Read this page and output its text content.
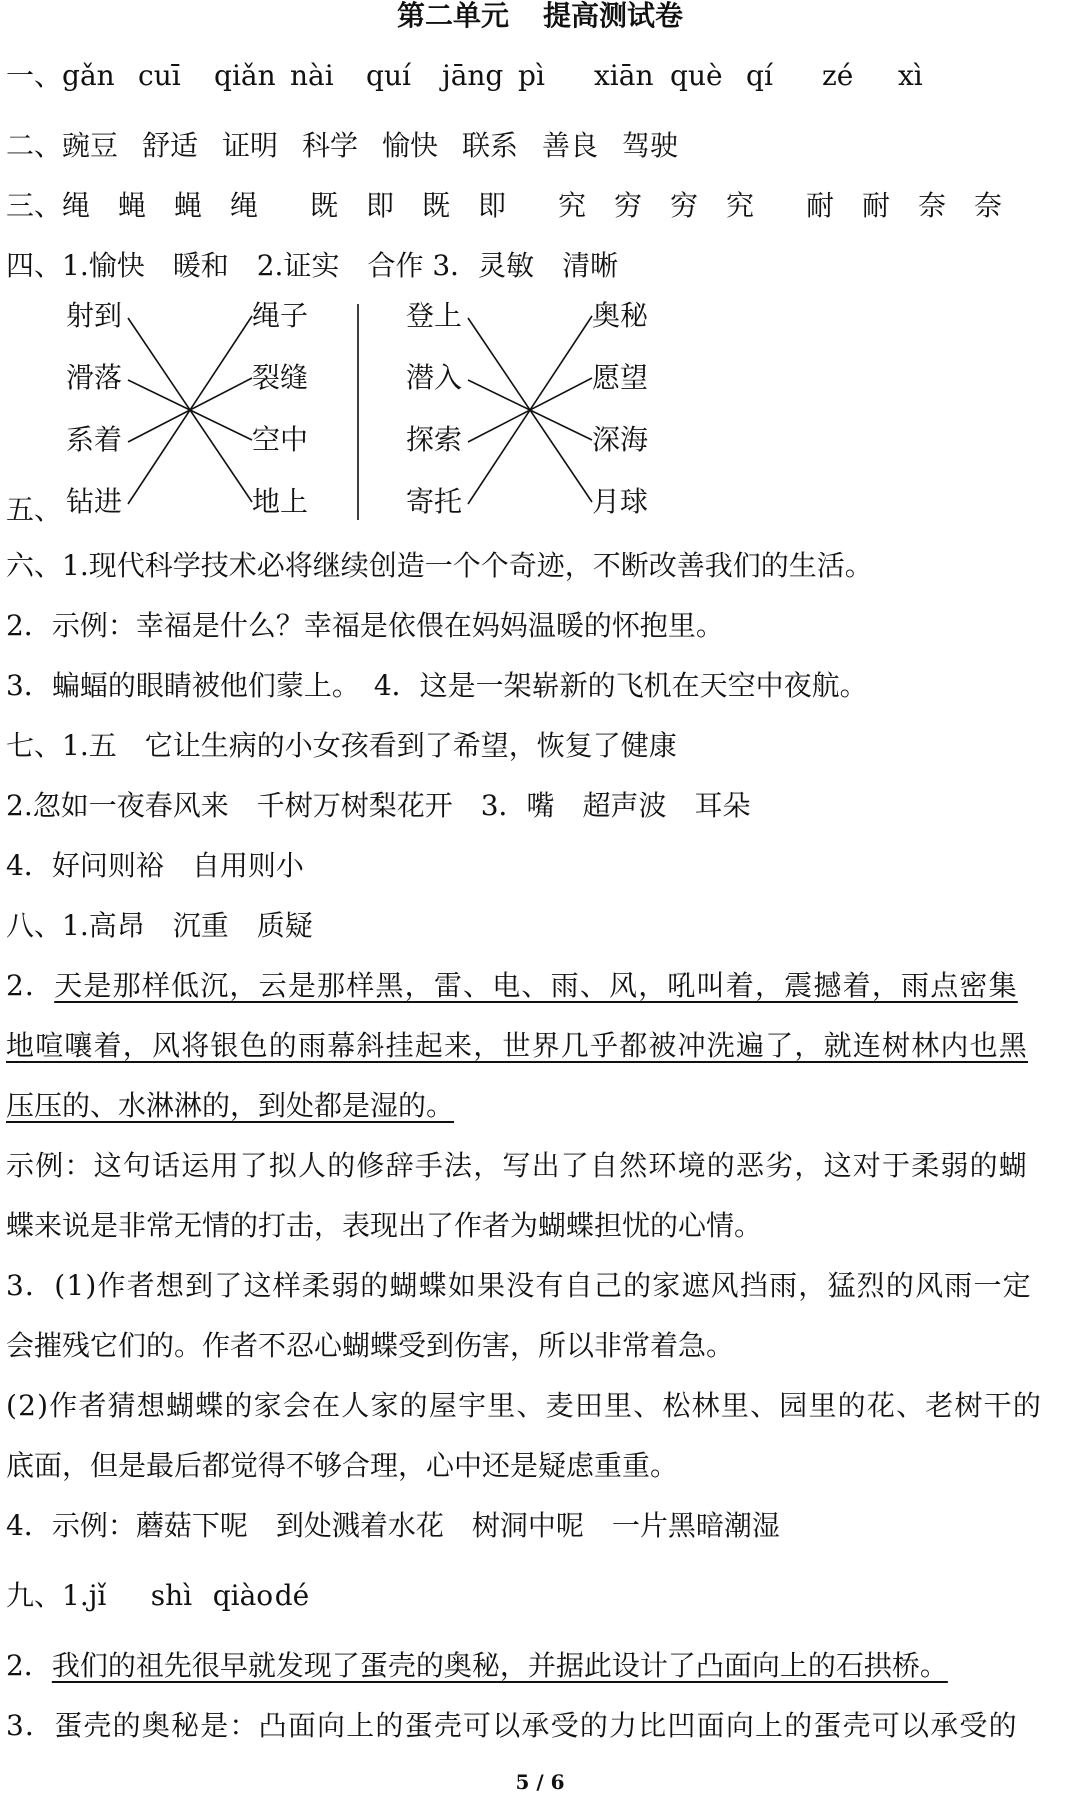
第二单元 提高测试卷
一、gǎn cuī qiǎn nài quí jāng pì xiān què qí zé xì
二、豌豆 舒适 证明 科学 愉快 联系 善良 驾驶
三、绳 蝇 蝇 绳 既 即 既 即 究 穷 穷 究 耐 耐 奈 奈
四、1.愉快　暖和　2.证实　合作 3．灵敏　清晰
五、
射到
滑落
系着
钻进
绳子
裂缝
空中
地上
登上
潜入
探索
寄托
奥秘
愿望
深海
月球
六、1.现代科学技术必将继续创造一个个奇迹，不断改善我们的生活。
2．示例：幸福是什么？幸福是依偎在妈妈温暖的怀抱里。
3．蝙蝠的眼睛被他们蒙上。　4．这是一架崭新的飞机在天空中夜航。
七、1.五　它让生病的小女孩看到了希望，恢复了健康
2.忽如一夜春风来　千树万树梨花开　3．嘴　超声波　耳朵
4．好问则裕　自用则小
八、1.高昂　沉重　质疑
2．天是那样低沉，云是那样黑，雷、电、雨、风，吼叫着，震撼着，雨点密集
地喧嚷着，风将银色的雨幕斜挂起来，世界几乎都被冲洗遍了，就连树林内也黑
压压的、水淋淋的，到处都是湿的。
示例：这句话运用了拟人的修辞手法，写出了自然环境的恶劣，这对于柔弱的蝴
蝶来说是非常无情的打击，表现出了作者为蝴蝶担忧的心情。
3．(1)作者想到了这样柔弱的蝴蝶如果没有自己的家遮风挡雨，猛烈的风雨一定
会摧残它们的。作者不忍心蝴蝶受到伤害，所以非常着急。
(2)作者猜想蝴蝶的家会在人家的屋宇里、麦田里、松林里、园里的花、老树干的
底面，但是最后都觉得不够合理，心中还是疑虑重重。
4．示例：蘑菇下呢　到处溅着水花　树洞中呢　一片黑暗潮湿
九、1.jǐ shì qiàodé
2．我们的祖先很早就发现了蛋壳的奥秘，并据此设计了凸面向上的石拱桥。
3．蛋壳的奥秘是：凸面向上的蛋壳可以承受的力比凹面向上的蛋壳可以承受的
5 / 6
